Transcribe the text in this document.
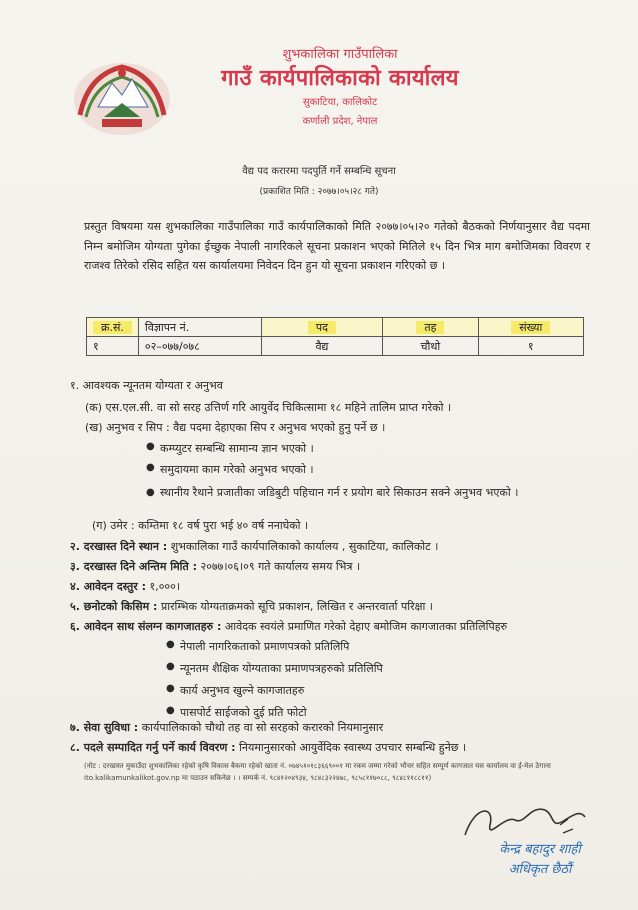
शुभकालिका गाउँपालिका
गाउँ कार्यपालिकाको कार्यालय
सुकाटिया, कालिकोट
कर्णाली प्रदेश, नेपाल
वैद्य पद करारमा पदपुर्ति गर्ने सम्बन्धि सूचना
(प्रकाशित मिति : २०७७।०५।२८ गते)
प्रस्तुत विषयमा यस शुभकालिका गाउँपालिका गाउँ कार्यपालिकाको मिति २०७७।०५।२० गतेको बैठकको निर्णयानुसार वैद्य पदमा निम्न बमोजिम योग्यता पुगेका ईच्छुक नेपाली नागरिकले सूचना प्रकाशन भएको मितिले १५ दिन भित्र माग बमोजिमका विवरण र राजश्व तिरेको रसिद सहित यस कार्यालयमा निवेदन दिन हुन यो सूचना प्रकाशन गरिएको छ ।
क्र.सं.	विज्ञापन नं.	पद	तह	संख्या
१	०२–०७७/०७८	वैद्य	चौथो	१
१. आवश्यक न्यूनतम योग्यता र अनुभव
(क) एस.एल.सी. वा सो सरह उत्तिर्ण गरि आयुर्वेद चिकित्सामा १८ महिने तालिम प्राप्त गरेको ।
(ख) अनुभव र सिप : वैद्य पदमा देहाएका सिप र अनुभव भएको हुनु पर्ने छ ।
● कम्प्युटर सम्बन्धि सामान्य ज्ञान भएको ।
● समुदायमा काम गरेको अनुभव भएको ।
● स्थानीय रैथाने प्रजातीका जडिबुटी पहिचान गर्न र प्रयोग बारे सिकाउन सक्ने अनुभव भएको ।
(ग) उमेर : कम्तिमा १८ वर्ष पुरा भई ४० वर्ष ननाघेको ।
२. दरखास्त दिने स्थान : शुभकालिका गाउँ कार्यपालिकाको कार्यालय , सुकाटिया, कालिकोट ।
३. दरखास्त दिने अन्तिम मिति : २०७७।०६।०९ गते कार्यालय समय भित्र ।
४. आवेदन दस्तुर : १,०००।
५. छनोटको किसिम : प्रारम्भिक योग्यताक्रमको सूचि प्रकाशन, लिखित र अन्तरवार्ता परिक्षा ।
६. आवेदन साथ संलग्न कागजातहरु : आवेदक स्वयंले प्रमाणित गरेको देहाए बमोजिम कागजातका प्रतिलिपिहरु
● नेपाली नागरिकताको प्रमाणपत्रको प्रतिलिपि
● न्यूनतम शैक्षिक योग्यताका प्रमाणपत्रहरुको प्रतिलिपि
● कार्य अनुभव खुल्ने कागजातहरु
● पासपोर्ट साईजको दुई प्रति फोटो
७. सेवा सुविधा : कार्यपालिकाको चौथो तह वा सो सरहको करारको नियमानुसार
८. पदले सम्पादित गर्नु पर्ने कार्य विवरण : नियमानुसारको आयुर्वेदिक स्वास्थ्य उपचार सम्बन्धि हुनेछ ।
(नोट : दरखास्त मुकाउँदा शुभकालिका रहेको कृषि विकास बैकमा रहेको खाता नं. ०७४५१०१८३६६९००१ मा रकम जम्मा गरेको भौचर सहित सम्पूर्ण कागजात यस कार्यालय वा ई-मेल ठेगाना ito.kalikamunkalikot.gov.np मा पठाउन सकिनेछ । । सम्पर्क नं. ९८४१२०४९३४, ९८४८३२२४७८, ९८५८११७०८८, ९८४८११८८११)
केन्द्र बहादुर शाही
अधिकृत छैठौं
